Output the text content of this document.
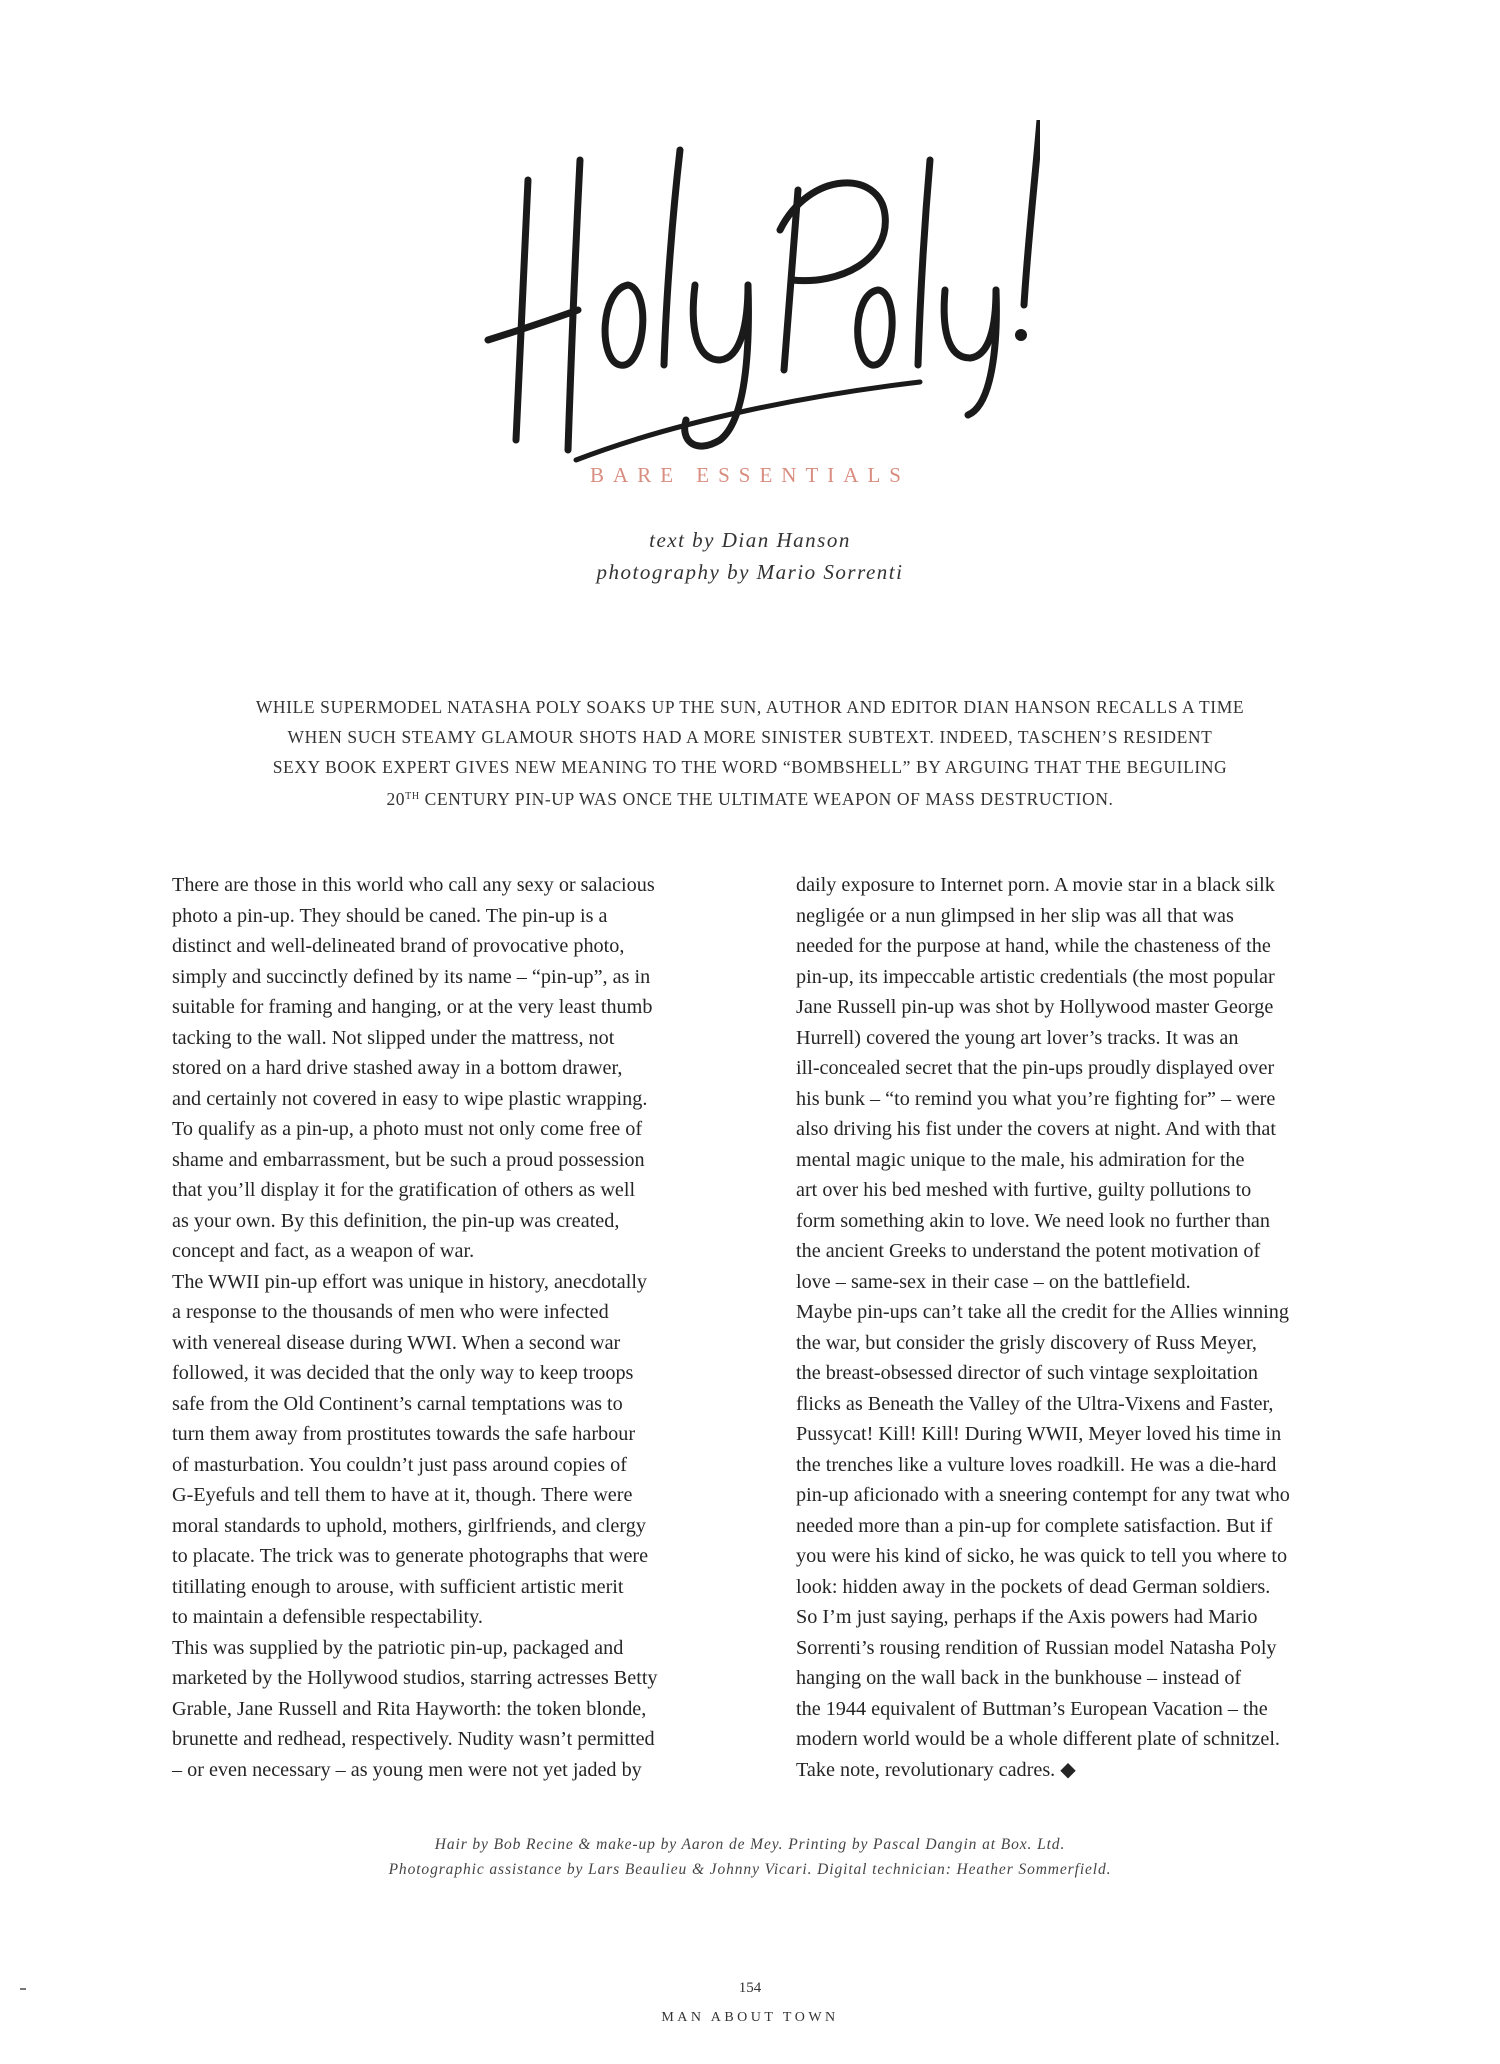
BARE ESSENTIALS
text by Dian Hanson
photography by Mario Sorrenti

WHILE SUPERMODEL NATASHA POLY SOAKS UP THE SUN, AUTHOR AND EDITOR DIAN HANSON RECALLS A TIME

WHEN SUCH STEAMY GLAMOUR SHOTS HAD A MORE SINISTER SUBTEXT. INDEED, TASCHEN’S RESIDENT

SEXY BOOK EXPERT GIVES NEW MEANING TO THE WORD “BOMBSHELL” BY ARGUING THAT THE BEGUILING

20TH CENTURY PIN-UP WAS ONCE THE ULTIMATE WEAPON OF MASS DESTRUCTION.

There are those in this world who call any sexy or salacious

photo a pin-up. They should be caned. The pin-up is a

distinct and well-delineated brand of provocative photo,

simply and succinctly defined by its name – “pin-up”, as in

suitable for framing and hanging, or at the very least thumb

tacking to the wall. Not slipped under the mattress, not

stored on a hard drive stashed away in a bottom drawer,

and certainly not covered in easy to wipe plastic wrapping.

To qualify as a pin-up, a photo must not only come free of

shame and embarrassment, but be such a proud possession

that you’ll display it for the gratification of others as well

as your own. By this definition, the pin-up was created,

concept and fact, as a weapon of war.

The WWII pin-up effort was unique in history, anecdotally

a response to the thousands of men who were infected

with venereal disease during WWI. When a second war

followed, it was decided that the only way to keep troops

safe from the Old Continent’s carnal temptations was to

turn them away from prostitutes towards the safe harbour

of masturbation. You couldn’t just pass around copies of

G-Eyefuls and tell them to have at it, though. There were

moral standards to uphold, mothers, girlfriends, and clergy

to placate. The trick was to generate photographs that were

titillating enough to arouse, with sufficient artistic merit

to maintain a defensible respectability.

This was supplied by the patriotic pin-up, packaged and

marketed by the Hollywood studios, starring actresses Betty

Grable, Jane Russell and Rita Hayworth: the token blonde,

brunette and redhead, respectively. Nudity wasn’t permitted

– or even necessary – as young men were not yet jaded by

daily exposure to Internet porn. A movie star in a black silk

negligée or a nun glimpsed in her slip was all that was

needed for the purpose at hand, while the chasteness of the

pin-up, its impeccable artistic credentials (the most popular

Jane Russell pin-up was shot by Hollywood master George

Hurrell) covered the young art lover’s tracks. It was an

ill-concealed secret that the pin-ups proudly displayed over

his bunk – “to remind you what you’re fighting for” – were

also driving his fist under the covers at night. And with that

mental magic unique to the male, his admiration for the

art over his bed meshed with furtive, guilty pollutions to

form something akin to love. We need look no further than

the ancient Greeks to understand the potent motivation of

love – same-sex in their case – on the battlefield.

Maybe pin-ups can’t take all the credit for the Allies winning

the war, but consider the grisly discovery of Russ Meyer,

the breast-obsessed director of such vintage sexploitation

flicks as Beneath the Valley of the Ultra-Vixens and Faster,

Pussycat! Kill! Kill! During WWII, Meyer loved his time in

the trenches like a vulture loves roadkill. He was a die-hard

pin-up aficionado with a sneering contempt for any twat who

needed more than a pin-up for complete satisfaction. But if

you were his kind of sicko, he was quick to tell you where to

look: hidden away in the pockets of dead German soldiers.

So I’m just saying, perhaps if the Axis powers had Mario

Sorrenti’s rousing rendition of Russian model Natasha Poly

hanging on the wall back in the bunkhouse – instead of

the 1944 equivalent of Buttman’s European Vacation – the

modern world would be a whole different plate of schnitzel.

Take note, revolutionary cadres. ◆

Hair by Bob Recine & make-up by Aaron de Mey. Printing by Pascal Dangin at Box. Ltd.

Photographic assistance by Lars Beaulieu & Johnny Vicari. Digital technician: Heather Sommerfield.

154
MAN ABOUT TOWN
